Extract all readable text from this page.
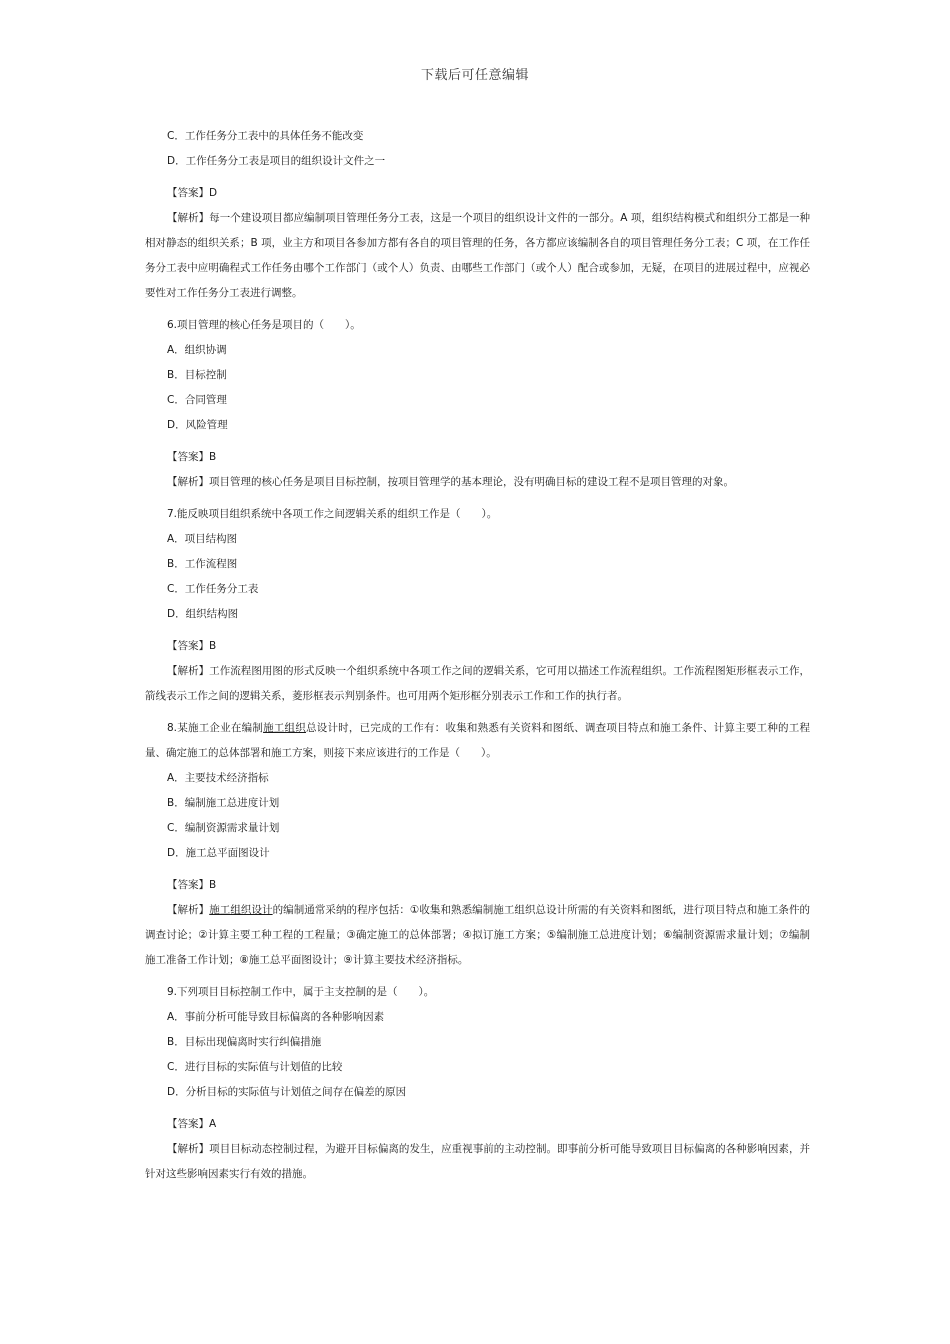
下载后可任意编辑
C．工作任务分工表中的具体任务不能改变
D．工作任务分工表是项目的组织设计文件之一
【答案】D
【解析】每一个建设项目都应编制项目管理任务分工表，这是一个项目的组织设计文件的一部分。A 项，组织结构模式和组织分工都是一种相对静态的组织关系；B 项，业主方和项目各参加方都有各自的项目管理的任务，各方都应该编制各自的项目管理任务分工表；C 项，在工作任务分工表中应明确程式工作任务由哪个工作部门（或个人）负责、由哪些工作部门（或个人）配合或参加，无疑，在项目的进展过程中，应视必要性对工作任务分工表进行调整。
6.项目管理的核心任务是项目的（　　）。
A．组织协调
B．目标控制
C．合同管理
D．风险管理
【答案】B
【解析】项目管理的核心任务是项目目标控制，按项目管理学的基本理论，没有明确目标的建设工程不是项目管理的对象。
7.能反映项目组织系统中各项工作之间逻辑关系的组织工作是（　　）。
A．项目结构图
B．工作流程图
C．工作任务分工表
D．组织结构图
【答案】B
【解析】工作流程图用图的形式反映一个组织系统中各项工作之间的逻辑关系，它可用以描述工作流程组织。工作流程图矩形框表示工作，箭线表示工作之间的逻辑关系，菱形框表示判别条件。也可用两个矩形框分别表示工作和工作的执行者。
8.某施工企业在编制施工组织总设计时，已完成的工作有：收集和熟悉有关资料和图纸、调查项目特点和施工条件、计算主要工种的工程量、确定施工的总体部署和施工方案，则接下来应该进行的工作是（　　）。
A．主要技术经济指标
B．编制施工总进度计划
C．编制资源需求量计划
D．施工总平面图设计
【答案】B
【解析】施工组织设计的编制通常采纳的程序包括：①收集和熟悉编制施工组织总设计所需的有关资料和图纸，进行项目特点和施工条件的调查讨论；②计算主要工种工程的工程量；③确定施工的总体部署；④拟订施工方案；⑤编制施工总进度计划；⑥编制资源需求量计划；⑦编制施工准备工作计划；⑧施工总平面图设计；⑨计算主要技术经济指标。
9.下列项目目标控制工作中，属于主支控制的是（　　）。
A．事前分析可能导致目标偏离的各种影响因素
B．目标出现偏离时实行纠偏措施
C．进行目标的实际值与计划值的比较
D．分析目标的实际值与计划值之间存在偏差的原因
【答案】A
【解析】项目目标动态控制过程，为避开目标偏离的发生，应重视事前的主动控制。即事前分析可能导致项目目标偏离的各种影响因素，并针对这些影响因素实行有效的措施。
